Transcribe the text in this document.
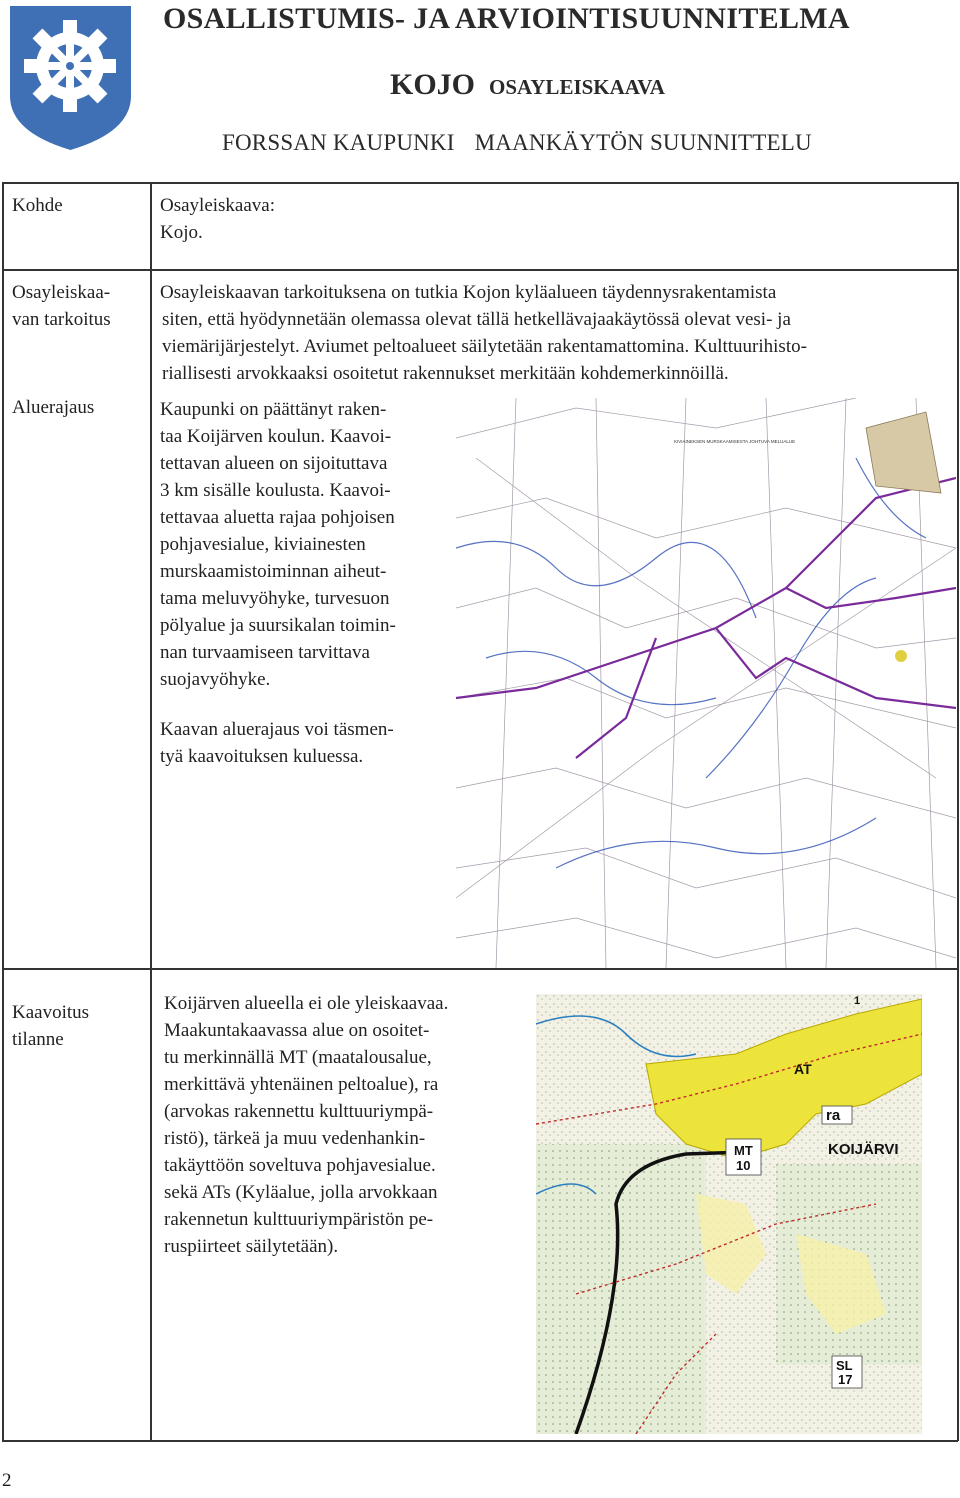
OSALLISTUMIS- JA ARVIOINTISUUNNITELMA
KOJO OSAYLEISKAAVA
FORSSAN KAUPUNKI MAANKÄYTÖN SUUNNITTELU
Kohde	Osayleiskaava:

Kojo.

Osayleiskaa-
van tarkoitus

Osayleiskaavan tarkoituksena on tutkia Kojon kyläalueen täydennysrakentamista

siten, että hyödynnetään olemassa olevat tällä hetkellävajaakäytössä olevat vesi- ja

viemärijärjestelyt. Aviumet peltoalueet säilytetään rakentamattomina. Kulttuurihisto-

riallisesti arvokkaaksi osoitetut rakennukset merkitään kohdemerkinnöillä.

Aluerajaus	Kaupunki on päättänyt raken-

taa Koijärven koulun. Kaavoi-

tettavan alueen on sijoituttava

3 km sisälle koulusta. Kaavoi-

tettavaa aluetta rajaa pohjoisen

pohjavesialue, kiviainesten

murskaamistoiminnan aiheut-

tama meluvyöhyke, turvesuon

pölyalue ja suursikalan toimin-

nan turvaamiseen tarvittava

suojavyöhyke.

Kaavan aluerajaus voi täsmen-

tyä kaavoituksen kuluessa.

KIVIAINEKSEN MURSKAAMISESTA JOHTUVA MELUALUE
Kaavoitus
tilanne

Koijärven alueella ei ole yleiskaavaa.

Maakuntakaavassa alue on osoitet-

tu merkinnällä MT (maatalousalue,

merkittävä yhtenäinen peltoalue), ra

(arvokas rakennettu kulttuuriympä-

ristö), tärkeä ja muu vedenhankin-

takäyttöön soveltuva pohjavesialue.

sekä ATs (Kyläalue, jolla arvokkaan

rakennetun kulttuuriympäristön pe-

ruspiirteet säilytetään).

AT
ra
KOIJÄRVI
MT
10
SL
17
1
2
